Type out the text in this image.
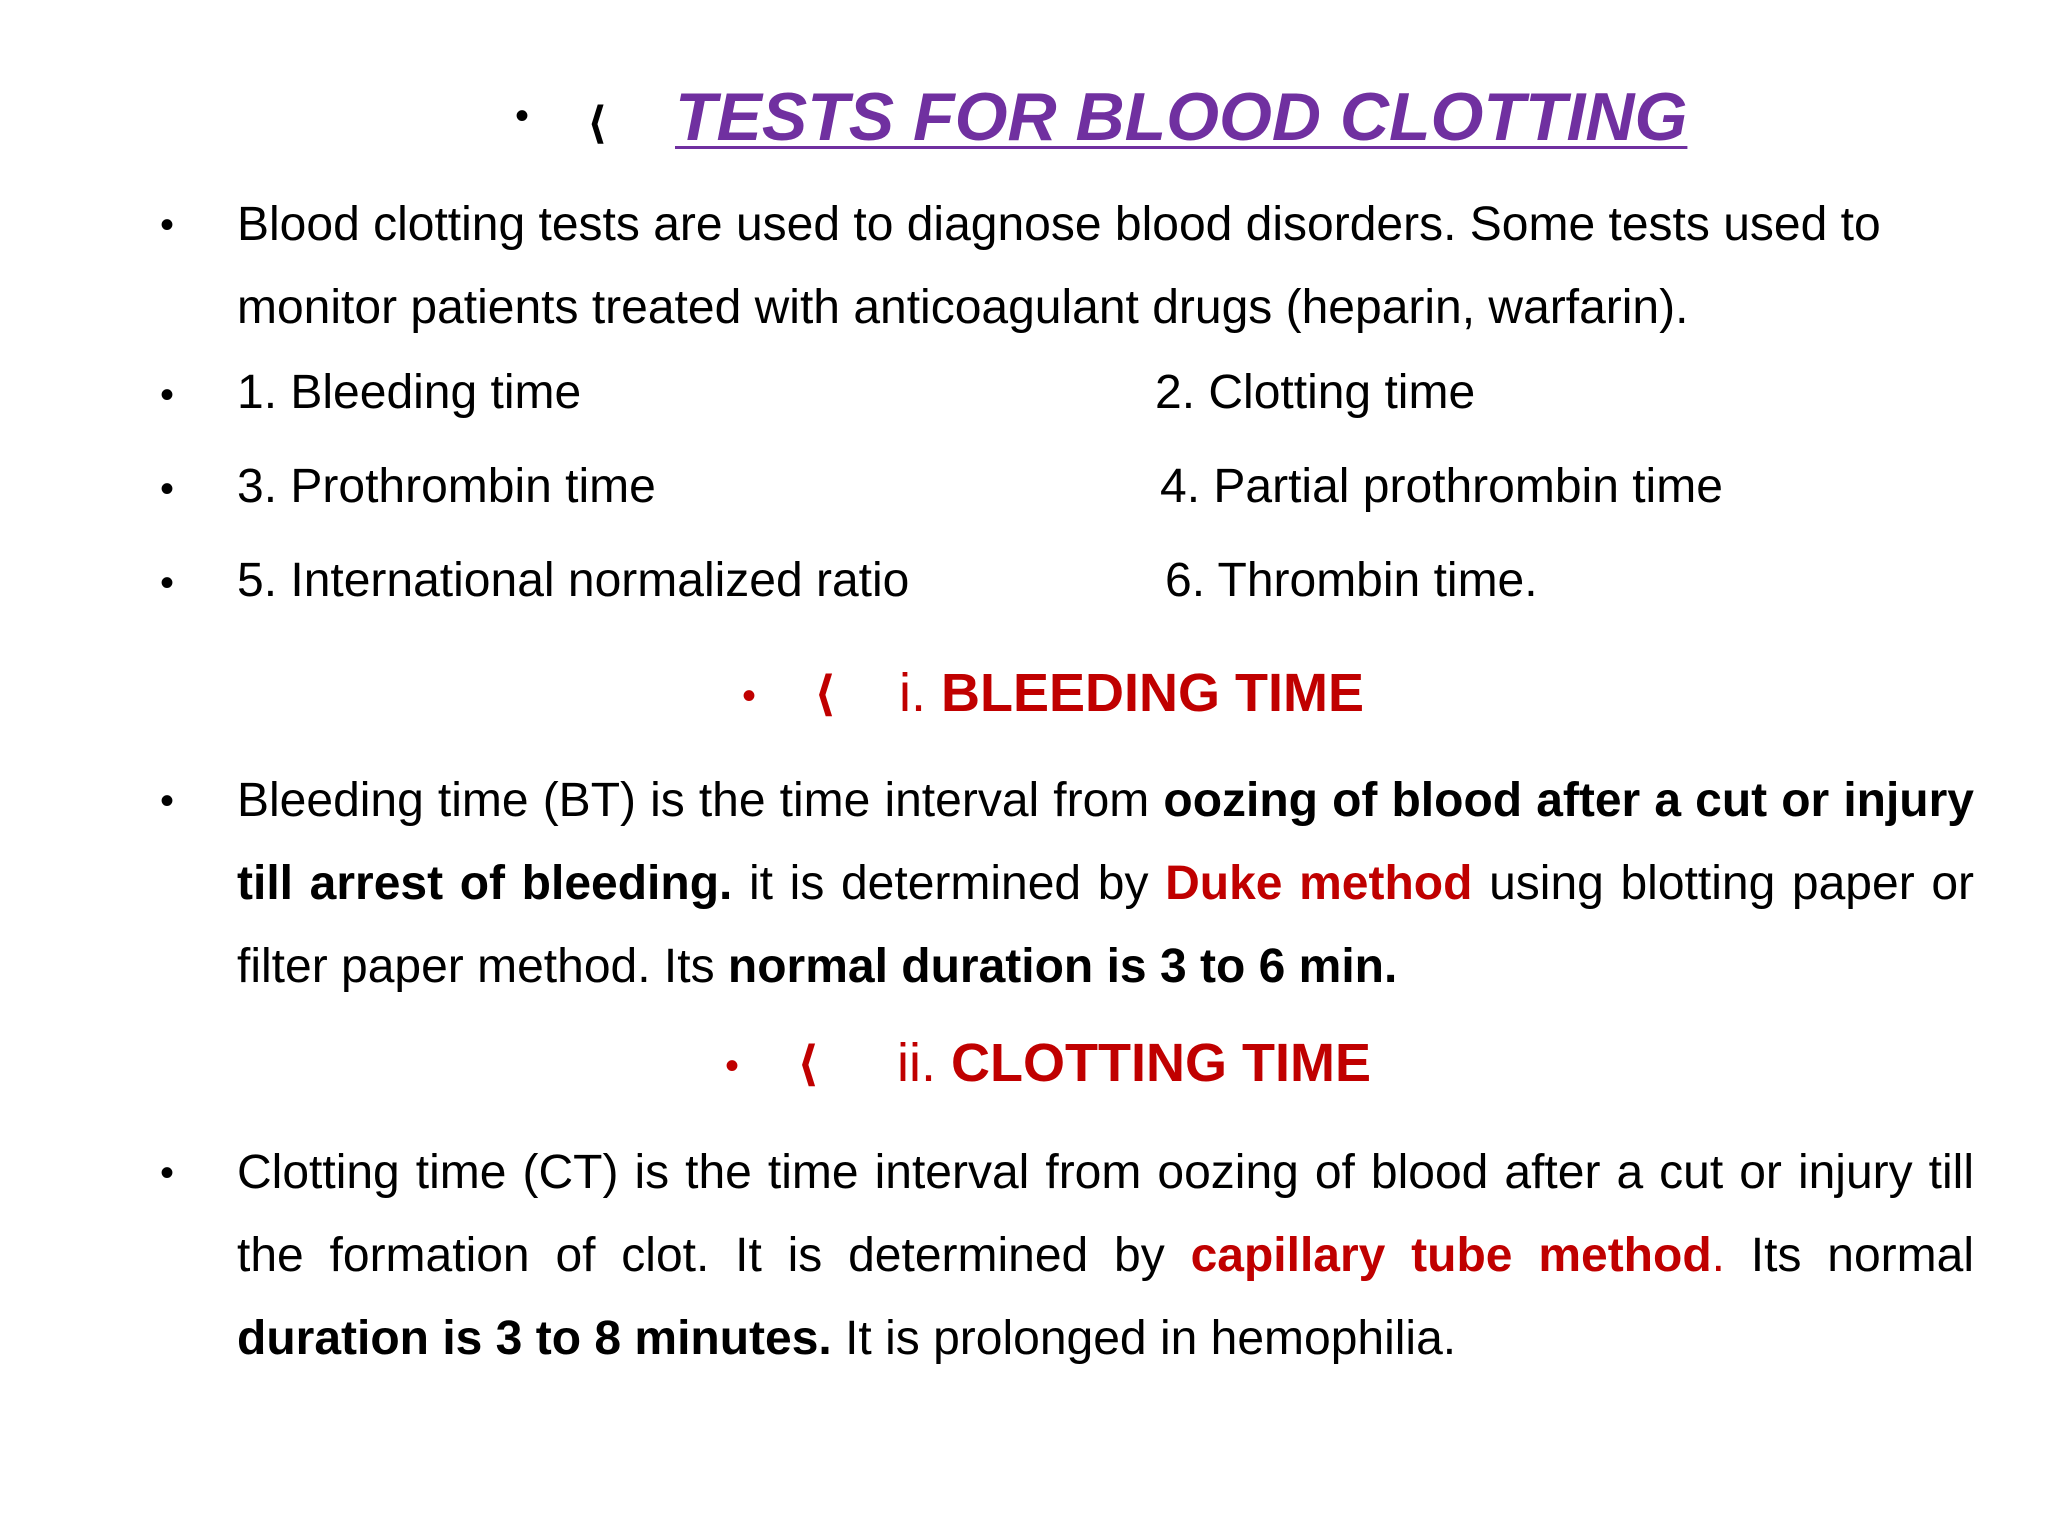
• ⟨ TESTS FOR BLOOD CLOTTING
• Blood clotting tests are used to diagnose blood disorders. Some tests used to monitor patients treated with anticoagulant drugs (heparin, warfarin).
• 1. Bleeding time	2. Clotting time
• 3. Prothrombin time	4. Partial prothrombin time
• 5. International normalized ratio	6. Thrombin time.
• ⟨ i. BLEEDING TIME
• Bleeding time (BT) is the time interval from oozing of blood after a cut or injury till arrest of bleeding. it is determined by Duke method using blotting paper or filter paper method. Its normal duration is 3 to 6 min.
• ⟨ ii. CLOTTING TIME
• Clotting time (CT) is the time interval from oozing of blood after a cut or injury till the formation of clot. It is determined by capillary tube method. Its normal duration is 3 to 8 minutes. It is prolonged in hemophilia.
